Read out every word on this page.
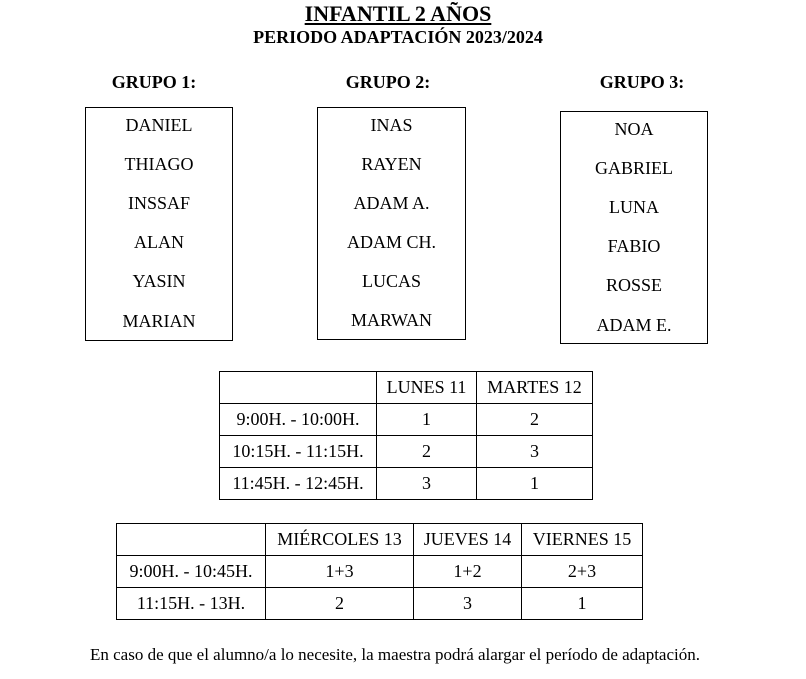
INFANTIL 2 AÑOS
PERIODO ADAPTACIÓN 2023/2024
GRUPO 1:
DANIEL
THIAGO
INSSAF
ALAN
YASIN
MARIAN
GRUPO 2:
INAS
RAYEN
ADAM A.
ADAM CH.
LUCAS
MARWAN
GRUPO 3:
NOA
GABRIEL
LUNA
FABIO
ROSSE
ADAM E.
	LUNES 11	MARTES 12
9:00H. - 10:00H.	1	2
10:15H. - 11:15H.	2	3
11:45H. - 12:45H.	3	1
	MIÉRCOLES 13	JUEVES 14	VIERNES 15
9:00H. - 10:45H.	1+3	1+2	2+3
11:15H. - 13H.	2	3	1
En caso de que el alumno/a lo necesite, la maestra podrá alargar el período de adaptación.
